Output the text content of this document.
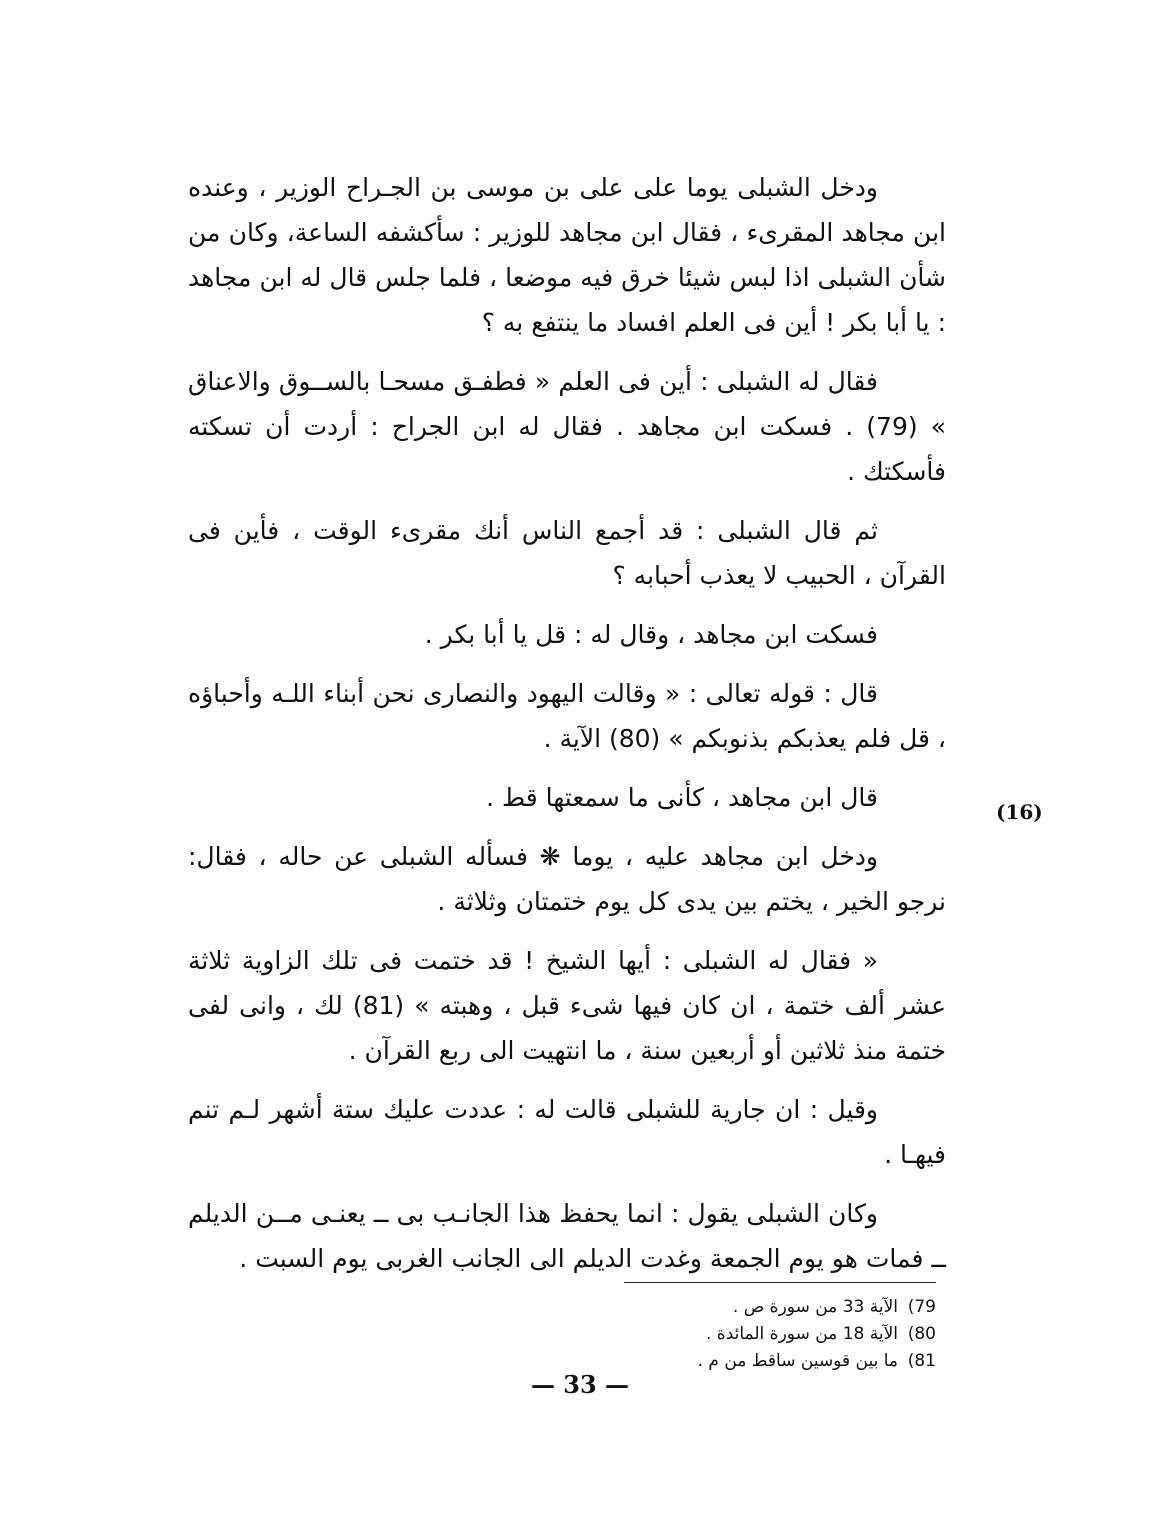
ودخل الشبلى يوما على على بن موسى بن الجـراح الوزير ، وعنده ابن مجاهد المقرىء ، فقال ابن مجاهد للوزير : سأكشفه الساعة، وكان من شأن الشبلى اذا لبس شيئا خرق فيه موضعا ، فلما جلس قال له ابن مجاهد : يا أبا بكر ! أين فى العلم افساد ما ينتفع به ؟

فقال له الشبلى : أين فى العلم « فطفـق مسحـا بالســوق والاعناق » (79) . فسكت ابن مجاهد . فقال له ابن الجراح : أردت أن تسكته فأسكتك .

ثم قال الشبلى : قد أجمع الناس أنك مقرىء الوقت ، فأين فى القرآن ، الحبيب لا يعذب أحبابه ؟

فسكت ابن مجاهد ، وقال له : قل يا أبا بكر .

قال : قوله تعالى : « وقالت اليهود والنصارى نحن أبناء اللـه وأحباؤه ، قل فلم يعذبكم بذنوبكم » (80) الآية .

قال ابن مجاهد ، كأنى ما سمعتها قط .

ودخل ابن مجاهد عليه ، يوما ❋ فسأله الشبلى عن حاله ، فقال: نرجو الخير ، يختم بين يدى كل يوم ختمتان وثلاثة .

« فقال له الشبلى : أيها الشيخ ! قد ختمت فى تلك الزاوية ثلاثة عشر ألف ختمة ، ان كان فيها شىء قبل ، وهبته » (81) لك ، وانى لفى ختمة منذ ثلاثين أو أربعين سنة ، ما انتهيت الى ربع القرآن .

وقيل : ان جارية للشبلى قالت له : عددت عليك ستة أشهر لـم تنم فيهـا .

وكان الشبلى يقول : انما يحفظ هذا الجانـب بى ــ يعنـى مــن الديلم ــ فمات هو يوم الجمعة وغدت الديلم الى الجانب الغربى يوم السبت .

(16)
79)
الآية 33 من سورة ص .
80)
الآية 18 من سورة المائدة .
81)
ما بين قوسين ساقط من م .
— 33 —
